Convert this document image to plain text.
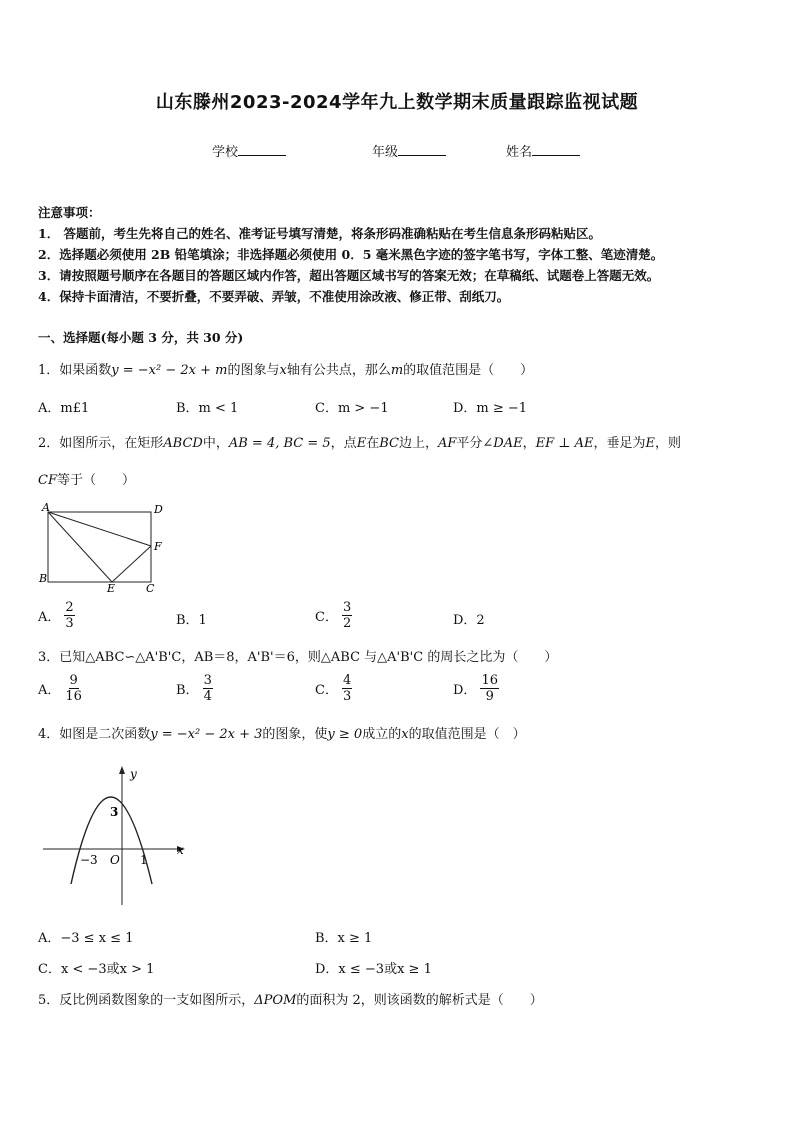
山东滕州2023-2024学年九上数学期末质量跟踪监视试题
学校	年级	姓名
注意事项：
1． 答题前，考生先将自己的姓名、准考证号填写清楚，将条形码准确粘贴在考生信息条形码粘贴区。
2．选择题必须使用 2B 铅笔填涂；非选择题必须使用 0．5 毫米黑色字迹的签字笔书写，字体工整、笔迹清楚。
3．请按照题号顺序在各题目的答题区域内作答，超出答题区域书写的答案无效；在草稿纸、试题卷上答题无效。
4．保持卡面清洁，不要折叠，不要弄破、弄皱，不准使用涂改液、修正带、刮纸刀。
一、选择题(每小题 3 分，共 30 分)
1．如果函数y = −x² − 2x + m的图象与x轴有公共点，那么m的取值范围是（　　）
A．m£1	B．m < 1	C．m > −1	D．m ≥ −1
2．如图所示，在矩形ABCD中，AB = 4, BC = 5，点E在BC边上，AF平分∠DAE，EF ⊥ AE，垂足为E，则
CF等于（　　）
A	D
F
B
E	C
A． $\frac{2}{3}$	B．1	C． $\frac{3}{2}$	D．2
3．已知△ABC∽△A'B'C，AB＝8，A'B'＝6，则△ABC 与△A'B'C 的周长之比为（　　）
A． $\frac{9}{16}$	B． $\frac{3}{4}$	C． $\frac{4}{3}$	D． $\frac{16}{9}$
4．如图是二次函数y = −x² − 2x + 3的图象，使y ≥ 0成立的x的取值范围是（　）
y
3
−3 O 1
x
A．−3 ≤ x ≤ 1	B．x ≥ 1
C．x < −3或x > 1	D．x ≤ −3或x ≥ 1
5．反比例函数图象的一支如图所示，ΔPOM的面积为 2，则该函数的解析式是（　　）
